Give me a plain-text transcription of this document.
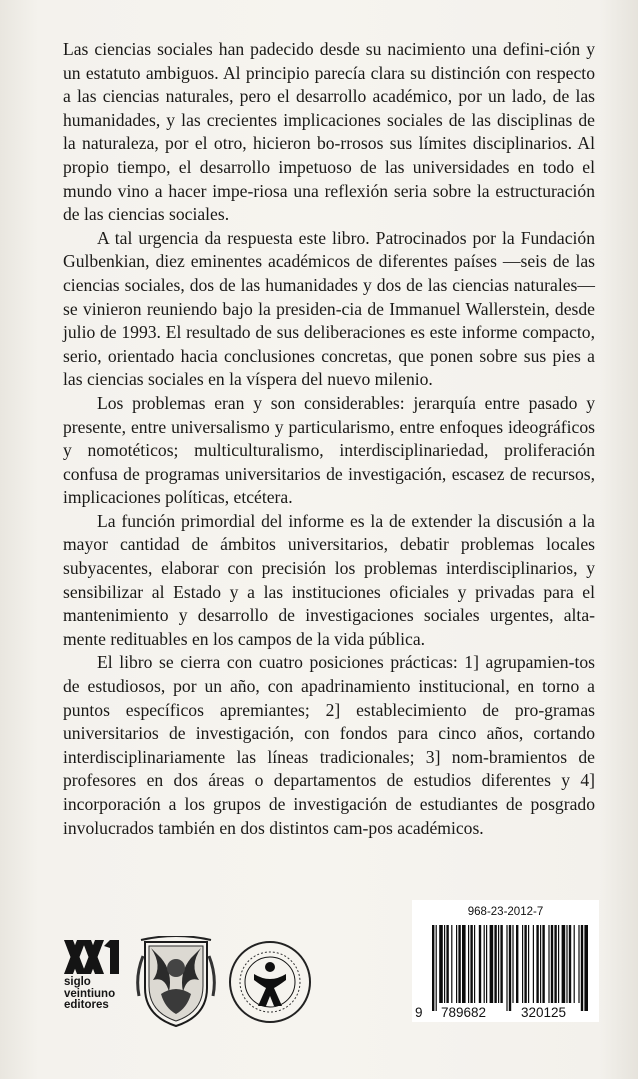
Las ciencias sociales han padecido desde su nacimiento una defini-ción y un estatuto ambiguos. Al principio parecía clara su distinción con respecto a las ciencias naturales, pero el desarrollo académico, por un lado, de las humanidades, y las crecientes implicaciones sociales de las disciplinas de la naturaleza, por el otro, hicieron bo-rrosos sus límites disciplinarios. Al propio tiempo, el desarrollo impetuoso de las universidades en todo el mundo vino a hacer impe-riosa una reflexión seria sobre la estructuración de las ciencias sociales.

A tal urgencia da respuesta este libro. Patrocinados por la Fundación Gulbenkian, diez eminentes académicos de diferentes países —seis de las ciencias sociales, dos de las humanidades y dos de las ciencias naturales— se vinieron reuniendo bajo la presiden-cia de Immanuel Wallerstein, desde julio de 1993. El resultado de sus deliberaciones es este informe compacto, serio, orientado hacia conclusiones concretas, que ponen sobre sus pies a las ciencias sociales en la víspera del nuevo milenio.

Los problemas eran y son considerables: jerarquía entre pasado y presente, entre universalismo y particularismo, entre enfoques ideográficos y nomotéticos; multiculturalismo, interdisciplinariedad, proliferación confusa de programas universitarios de investigación, escasez de recursos, implicaciones políticas, etcétera.

La función primordial del informe es la de extender la discusión a la mayor cantidad de ámbitos universitarios, debatir problemas locales subyacentes, elaborar con precisión los problemas interdisciplinarios, y sensibilizar al Estado y a las instituciones oficiales y privadas para el mantenimiento y desarrollo de investigaciones sociales urgentes, alta-mente redituables en los campos de la vida pública.

El libro se cierra con cuatro posiciones prácticas: 1] agrupamien-tos de estudiosos, por un año, con apadrinamiento institucional, en torno a puntos específicos apremiantes; 2] establecimiento de pro-gramas universitarios de investigación, con fondos para cinco años, cortando interdisciplinariamente las líneas tradicionales; 3] nom-bramientos de profesores en dos áreas o departamentos de estudios diferentes y 4] incorporación a los grupos de investigación de estudiantes de posgrado involucrados también en dos distintos cam-pos académicos.

siglo
veintiuno
editores
968-23-2012-7
9 789682	320125
